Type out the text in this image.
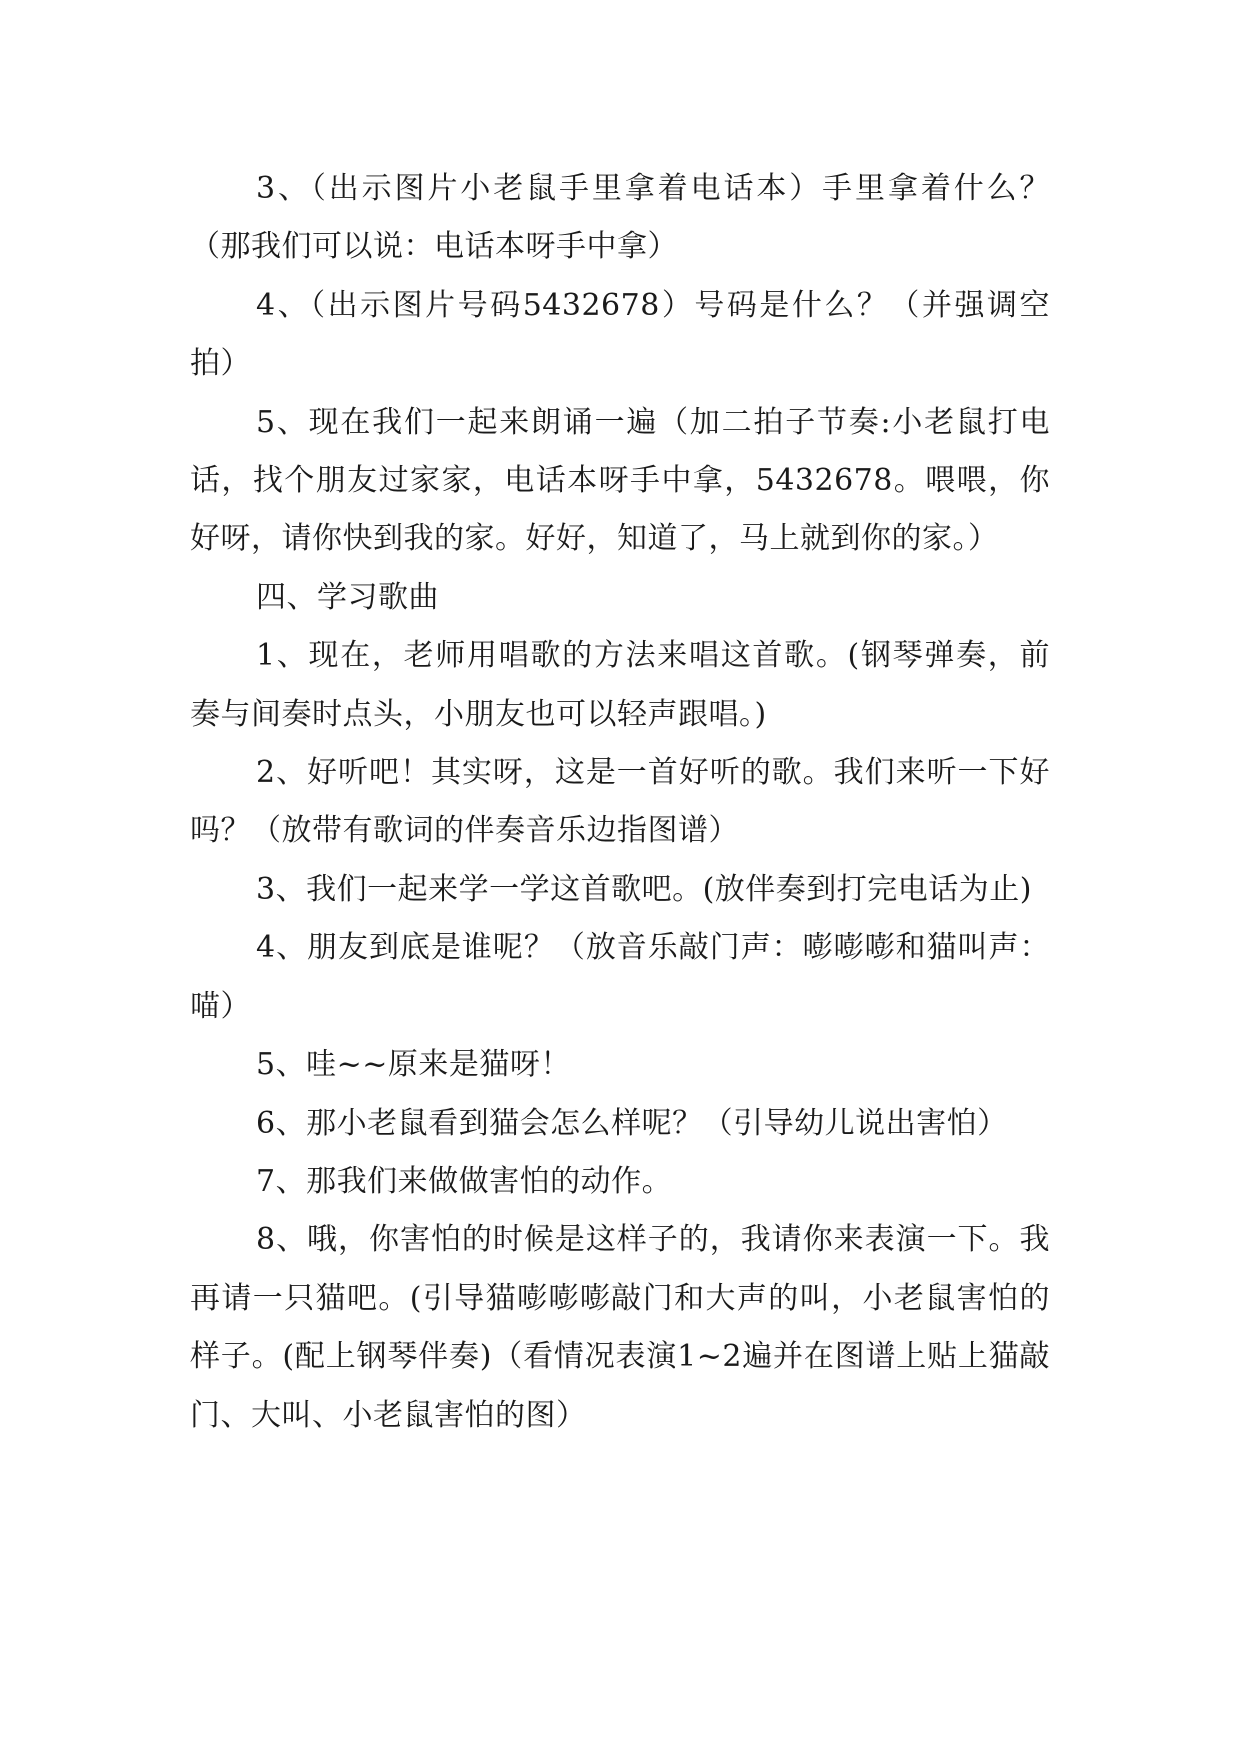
3、（出示图片小老鼠手里拿着电话本）手里拿着什么？（那我们可以说：电话本呀手中拿）

4、（出示图片号码5432678）号码是什么？（并强调空拍）

5、现在我们一起来朗诵一遍（加二拍子节奏:小老鼠打电话，找个朋友过家家，电话本呀手中拿，5432678。喂喂，你好呀，请你快到我的家。好好，知道了，马上就到你的家。）

四、学习歌曲

1、现在，老师用唱歌的方法来唱这首歌。(钢琴弹奏，前奏与间奏时点头，小朋友也可以轻声跟唱。)

2、好听吧！其实呀，这是一首好听的歌。我们来听一下好吗？（放带有歌词的伴奏音乐边指图谱）

3、我们一起来学一学这首歌吧。(放伴奏到打完电话为止)

4、朋友到底是谁呢？（放音乐敲门声：嘭嘭嘭和猫叫声：喵）

5、哇~~原来是猫呀！

6、那小老鼠看到猫会怎么样呢？（引导幼儿说出害怕）

7、那我们来做做害怕的动作。

8、哦，你害怕的时候是这样子的，我请你来表演一下。我再请一只猫吧。(引导猫嘭嘭嘭敲门和大声的叫，小老鼠害怕的样子。(配上钢琴伴奏)（看情况表演1~2遍并在图谱上贴上猫敲门、大叫、小老鼠害怕的图）
